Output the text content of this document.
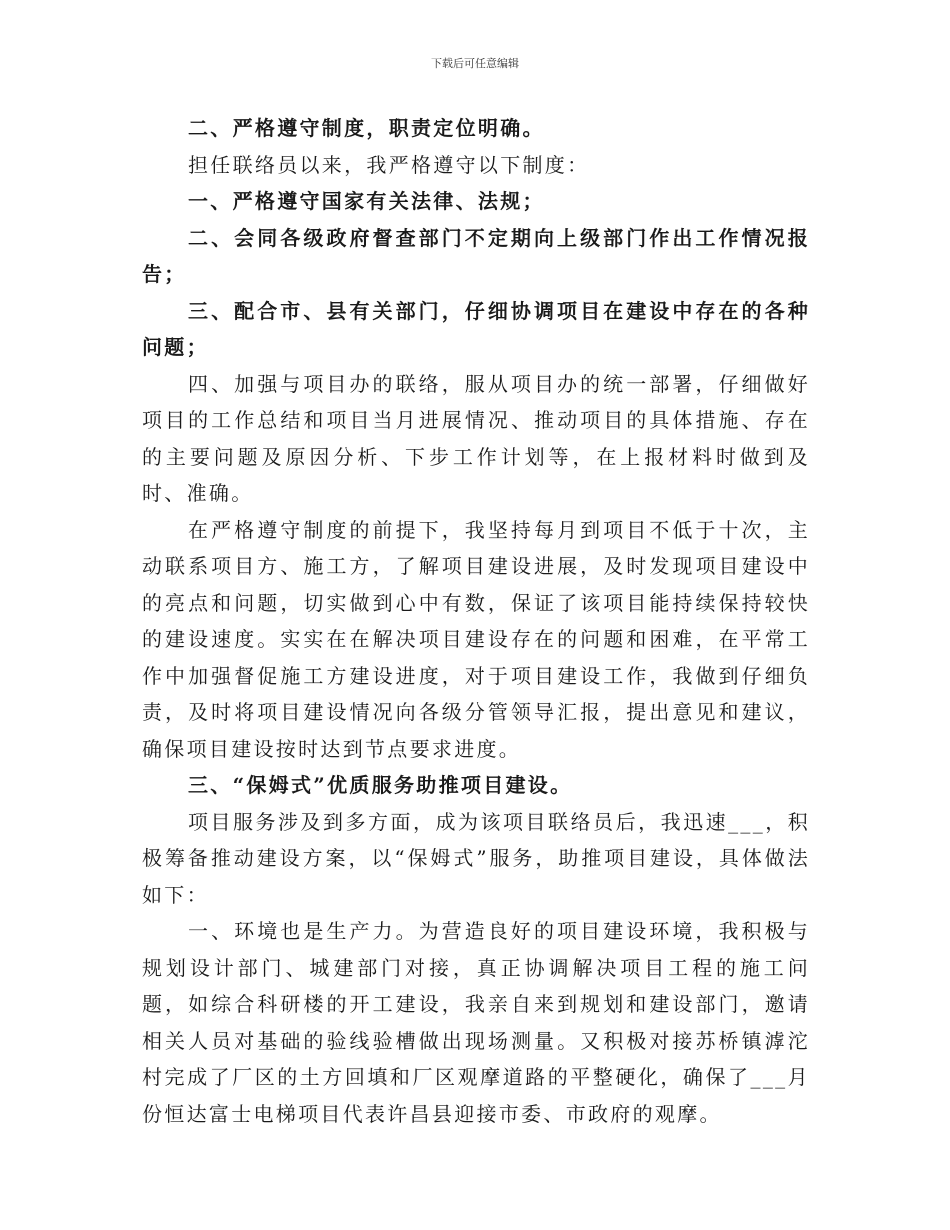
下载后可任意编辑

二、严格遵守制度，职责定位明确。

担任联络员以来，我严格遵守以下制度：

一、严格遵守国家有关法律、法规；

二、会同各级政府督查部门不定期向上级部门作出工作情况报告；

三、配合市、县有关部门，仔细协调项目在建设中存在的各种问题；

四、加强与项目办的联络，服从项目办的统一部署，仔细做好项目的工作总结和项目当月进展情况、推动项目的具体措施、存在的主要问题及原因分析、下步工作计划等，在上报材料时做到及时、准确。

在严格遵守制度的前提下，我坚持每月到项目不低于十次，主动联系项目方、施工方，了解项目建设进展，及时发现项目建设中的亮点和问题，切实做到心中有数，保证了该项目能持续保持较快的建设速度。实实在在解决项目建设存在的问题和困难，在平常工作中加强督促施工方建设进度，对于项目建设工作，我做到仔细负责，及时将项目建设情况向各级分管领导汇报，提出意见和建议，确保项目建设按时达到节点要求进度。

三、“保姆式”优质服务助推项目建设。

项目服务涉及到多方面，成为该项目联络员后，我迅速___，积极筹备推动建设方案，以“保姆式”服务，助推项目建设，具体做法如下：

一、环境也是生产力。为营造良好的项目建设环境，我积极与规划设计部门、城建部门对接，真正协调解决项目工程的施工问题，如综合科研楼的开工建设，我亲自来到规划和建设部门，邀请相关人员对基础的验线验槽做出现场测量。又积极对接苏桥镇滹沱村完成了厂区的土方回填和厂区观摩道路的平整硬化，确保了___月份恒达富士电梯项目代表许昌县迎接市委、市政府的观摩。
